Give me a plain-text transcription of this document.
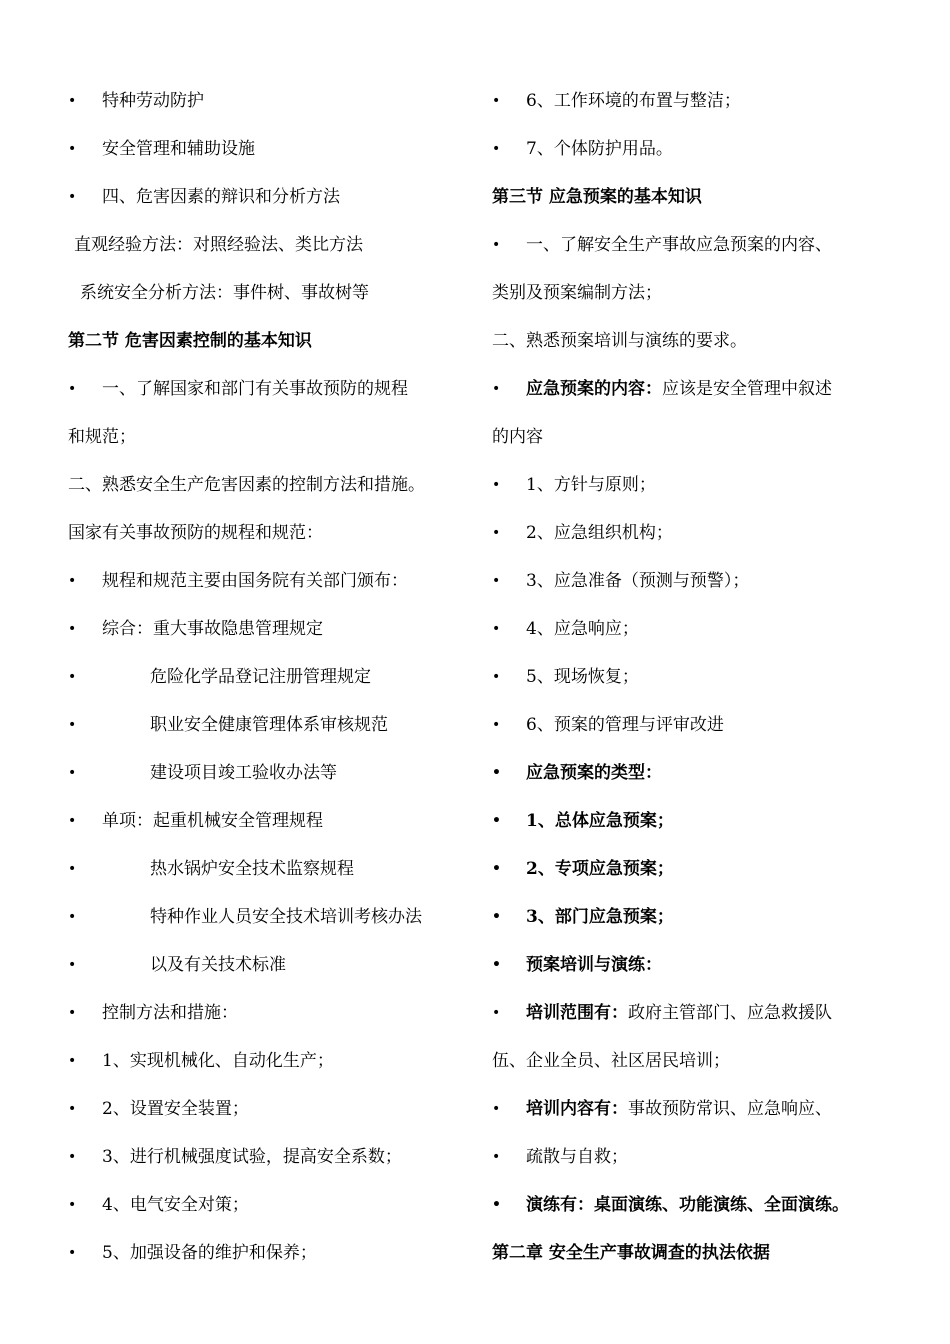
•	特种劳动防护
•	安全管理和辅助设施
•	四、危害因素的辩识和分析方法
直观经验方法：对照经验法、类比方法
系统安全分析方法：事件树、事故树等
第二节 危害因素控制的基本知识
•	一、了解国家和部门有关事故预防的规程
和规范；
二、熟悉安全生产危害因素的控制方法和措施。
国家有关事故预防的规程和规范：
•	规程和规范主要由国务院有关部门颁布：
•	综合：重大事故隐患管理规定
•	危险化学品登记注册管理规定
•	职业安全健康管理体系审核规范
•	建设项目竣工验收办法等
•	单项：起重机械安全管理规程
•	热水锅炉安全技术监察规程
•	特种作业人员安全技术培训考核办法
•	以及有关技术标准
•	控制方法和措施：
•	1、实现机械化、自动化生产；
•	2、设置安全装置；
•	3、进行机械强度试验，提高安全系数；
•	4、电气安全对策；
•	5、加强设备的维护和保养；
•	6、工作环境的布置与整洁；
•	7、个体防护用品。
第三节 应急预案的基本知识
•	一、了解安全生产事故应急预案的内容、
类别及预案编制方法；
二、熟悉预案培训与演练的要求。
•	应急预案的内容：应该是安全管理中叙述
的内容
•	1、方针与原则；
•	2、应急组织机构；
•	3、应急准备（预测与预警）；
•	4、应急响应；
•	5、现场恢复；
•	6、预案的管理与评审改进
•	应急预案的类型：
•	1、总体应急预案；
•	2、专项应急预案；
•	3、部门应急预案；
•	预案培训与演练：
•	培训范围有：政府主管部门、应急救援队
伍、企业全员、社区居民培训；
•	培训内容有：事故预防常识、应急响应、
•	疏散与自救；
•	演练有：桌面演练、功能演练、全面演练。
第二章 安全生产事故调查的执法依据
